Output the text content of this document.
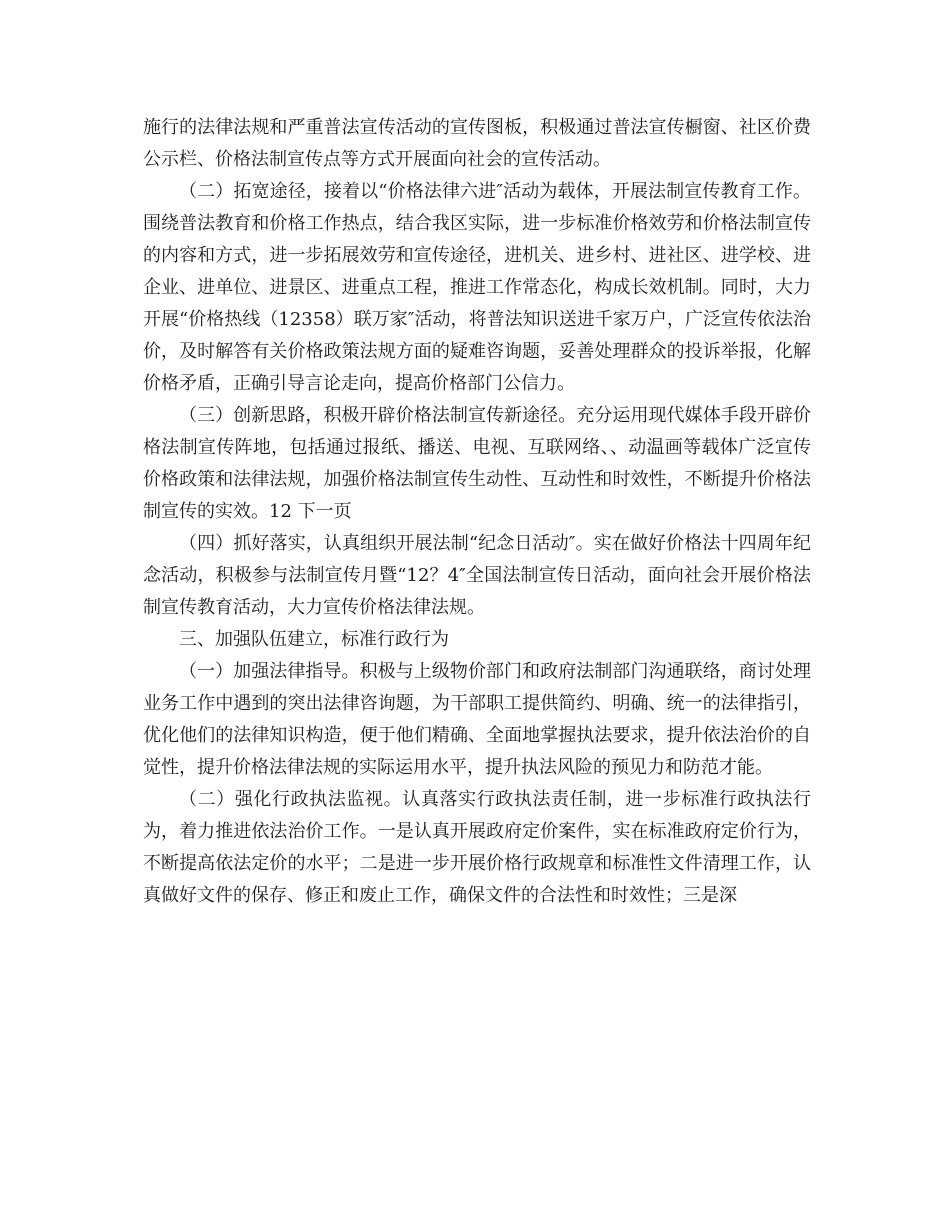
施行的法律法规和严重普法宣传活动的宣传图板，积极通过普法宣传橱窗、社区价费公示栏、价格法制宣传点等方式开展面向社会的宣传活动。

（二）拓宽途径，接着以“价格法律六进″活动为载体，开展法制宣传教育工作。围绕普法教育和价格工作热点，结合我区实际，进一步标准价格效劳和价格法制宣传的内容和方式，进一步拓展效劳和宣传途径，进机关、进乡村、进社区、进学校、进企业、进单位、进景区、进重点工程，推进工作常态化，构成长效机制。同时，大力开展“价格热线（12358）联万家″活动，将普法知识送进千家万户，广泛宣传依法治价，及时解答有关价格政策法规方面的疑难咨询题，妥善处理群众的投诉举报，化解价格矛盾，正确引导言论走向，提高价格部门公信力。

（三）创新思路，积极开辟价格法制宣传新途径。充分运用现代媒体手段开辟价格法制宣传阵地，包括通过报纸、播送、电视、互联网络、、动温画等载体广泛宣传价格政策和法律法规，加强价格法制宣传生动性、互动性和时效性，不断提升价格法制宣传的实效。12 下一页

（四）抓好落实，认真组织开展法制“纪念日活动″。实在做好价格法十四周年纪念活动，积极参与法制宣传月暨“12？4″全国法制宣传日活动，面向社会开展价格法制宣传教育活动，大力宣传价格法律法规。

三、加强队伍建立，标准行政行为

（一）加强法律指导。积极与上级物价部门和政府法制部门沟通联络，商讨处理业务工作中遇到的突出法律咨询题，为干部职工提供简约、明确、统一的法律指引，优化他们的法律知识构造，便于他们精确、全面地掌握执法要求，提升依法治价的自觉性，提升价格法律法规的实际运用水平，提升执法风险的预见力和防范才能。

（二）强化行政执法监视。认真落实行政执法责任制，进一步标准行政执法行为，着力推进依法治价工作。一是认真开展政府定价案件，实在标准政府定价行为，不断提高依法定价的水平；二是进一步开展价格行政规章和标准性文件清理工作，认真做好文件的保存、修正和废止工作，确保文件的合法性和时效性；三是深
